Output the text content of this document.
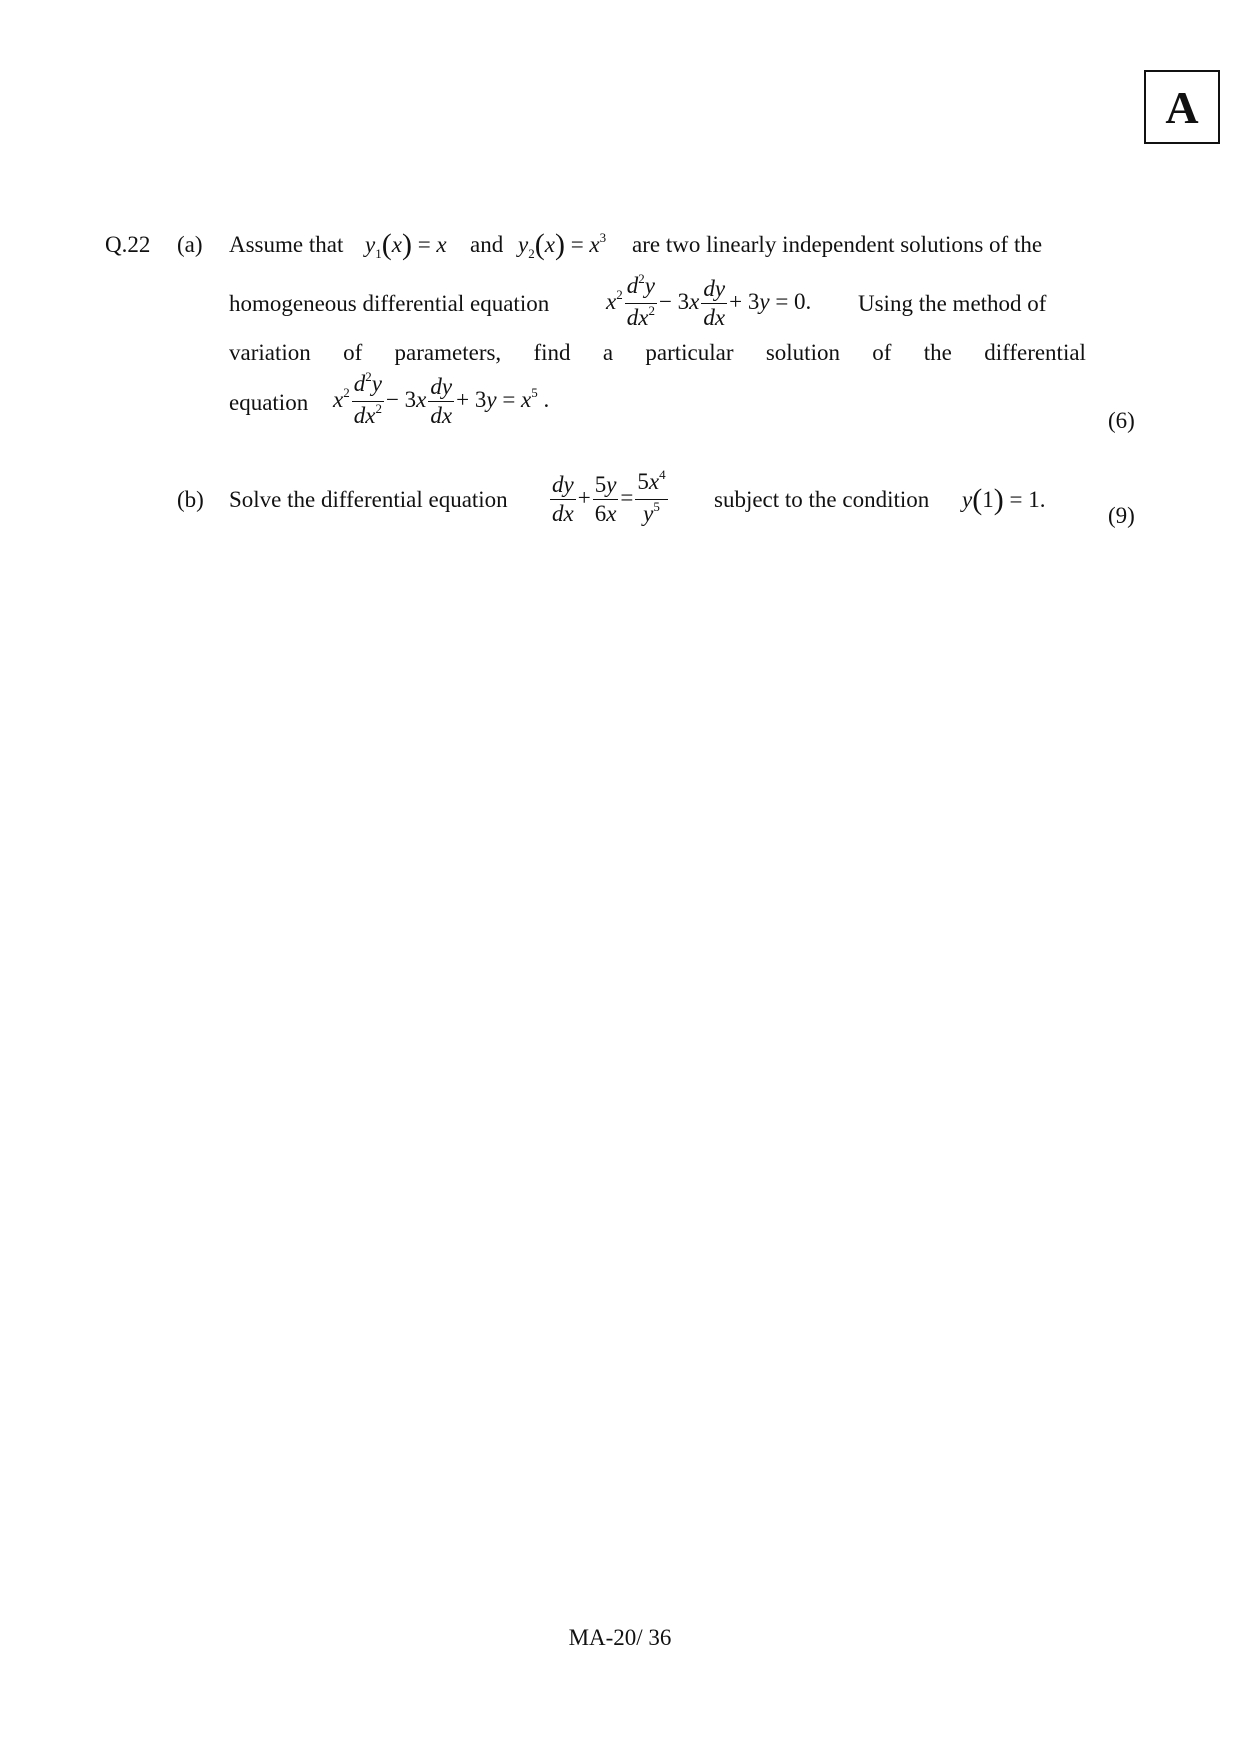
A
Q.22 (a) Assume that $y_1(x) = x$ and $y_2(x) = x^3$ are two linearly independent solutions of the
homogeneous differential equation $x^2 \frac{d^2y}{dx^2} - 3x \frac{dy}{dx} + 3y = 0$. Using the method of
variation of parameters, find a particular solution of the differential
equation $x^2 \frac{d^2y}{dx^2} - 3x \frac{dy}{dx} + 3y = x^5$ .
(6)
(b) Solve the differential equation $\frac{dy}{dx} + \frac{5y}{6x} = \frac{5x^4}{y^5}$ subject to the condition y(1) = 1.
(9)
MA-20/ 36
